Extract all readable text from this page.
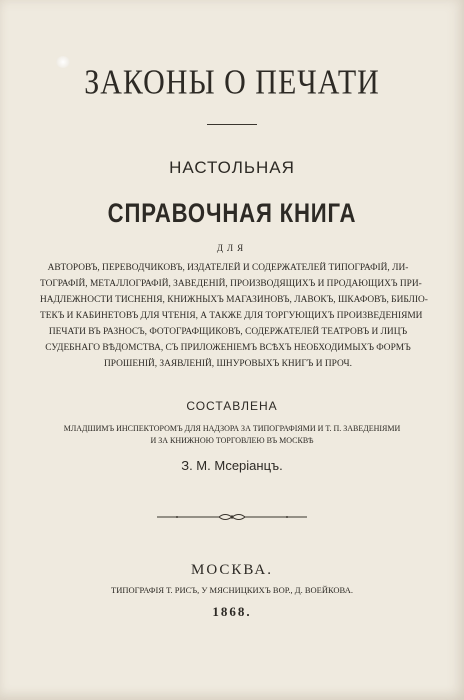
ЗАКОНЫ О ПЕЧАТИ
НАСТОЛЬНАЯ
СПРАВОЧНАЯ КНИГА
ДЛЯ
АВТОРОВЪ, ПЕРЕВОДЧИКОВЪ, ИЗДАТЕЛЕЙ И СОДЕРЖАТЕЛЕЙ ТИПОГРАФІЙ, ЛИ-
ТОГРАФІЙ, МЕТАЛЛОГРАФІЙ, ЗАВЕДЕНІЙ, ПРОИЗВОДЯЩИХЪ И ПРОДАЮЩИХЪ ПРИ-
НАДЛЕЖНОСТИ ТИСНЕНІЯ, КНИЖНЫХЪ МАГАЗИНОВЪ, ЛАВОКЪ, ШКАФОВЪ, БИБЛІО-
ТЕКЪ И КАБИНЕТОВЪ ДЛЯ ЧТЕНІЯ, А ТАКЖЕ ДЛЯ ТОРГУЮЩИХЪ ПРОИЗВЕДЕНІЯМИ
ПЕЧАТИ ВЪ РАЗНОСЪ, ФОТОГРАФЩИКОВЪ, СОДЕРЖАТЕЛЕЙ ТЕАТРОВЪ И ЛИЦЪ
СУДЕБНАГО ВѢДОМСТВА, СЪ ПРИЛОЖЕНІЕМЪ ВСѢХЪ НЕОБХОДИМЫХЪ ФОРМЪ
ПРОШЕНІЙ, ЗАЯВЛЕНІЙ, ШНУРОВЫХЪ КНИГЪ И ПРОЧ.
СОСТАВЛЕНА
МЛАДШИМЪ ИНСПЕКТОРОМЪ ДЛЯ НАДЗОРА ЗА ТИПОГРАФІЯМИ И Т. П. ЗАВЕДЕНІЯМИ
И ЗА КНИЖНОЮ ТОРГОВЛЕЮ ВЪ МОСКВѢ
З. М. Мсеріанцъ.
МОСКВА.
ТИПОГРАФІЯ Т. РИСЪ, У МЯСНИЦКИХЪ ВОР., Д. ВОЕЙКОВА.
1868.
